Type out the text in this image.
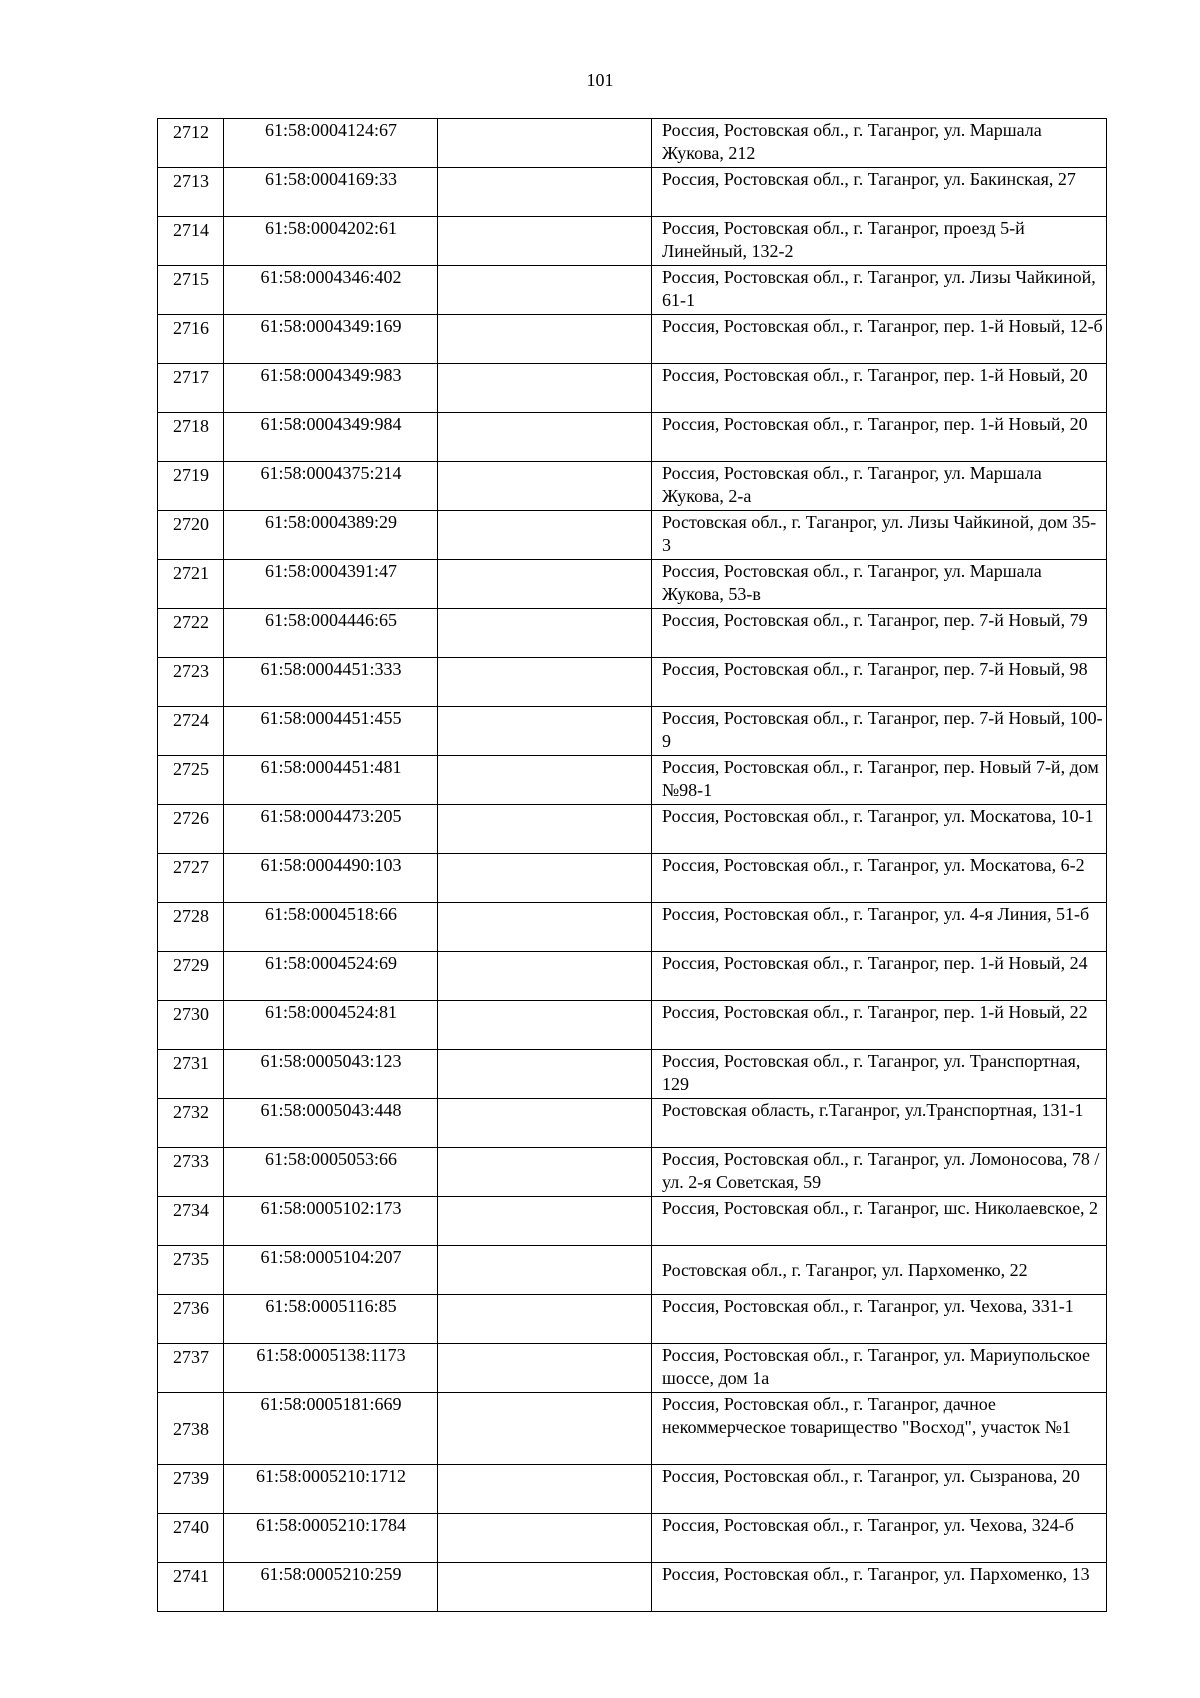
101
2712	61:58:0004124:67		Россия, Ростовская обл., г. Таганрог, ул. Маршала Жукова, 212
2713	61:58:0004169:33		Россия, Ростовская обл., г. Таганрог, ул. Бакинская, 27
2714	61:58:0004202:61		Россия, Ростовская обл., г. Таганрог, проезд 5-й Линейный, 132-2
2715	61:58:0004346:402		Россия, Ростовская обл., г. Таганрог, ул. Лизы Чайкиной, 61-1
2716	61:58:0004349:169		Россия, Ростовская обл., г. Таганрог, пер. 1-й Новый, 12-б
2717	61:58:0004349:983		Россия, Ростовская обл., г. Таганрог, пер. 1-й Новый, 20
2718	61:58:0004349:984		Россия, Ростовская обл., г. Таганрог, пер. 1-й Новый, 20
2719	61:58:0004375:214		Россия, Ростовская обл., г. Таганрог, ул. Маршала Жукова, 2-а
2720	61:58:0004389:29		Ростовская обл., г. Таганрог, ул. Лизы Чайкиной, дом 35-3
2721	61:58:0004391:47		Россия, Ростовская обл., г. Таганрог, ул. Маршала Жукова, 53-в
2722	61:58:0004446:65		Россия, Ростовская обл., г. Таганрог, пер. 7-й Новый, 79
2723	61:58:0004451:333		Россия, Ростовская обл., г. Таганрог, пер. 7-й Новый, 98
2724	61:58:0004451:455		Россия, Ростовская обл., г. Таганрог, пер. 7-й Новый, 100-9
2725	61:58:0004451:481		Россия, Ростовская обл., г. Таганрог, пер. Новый 7-й, дом №98-1
2726	61:58:0004473:205		Россия, Ростовская обл., г. Таганрог, ул. Москатова, 10-1
2727	61:58:0004490:103		Россия, Ростовская обл., г. Таганрог, ул. Москатова, 6-2
2728	61:58:0004518:66		Россия, Ростовская обл., г. Таганрог, ул. 4-я Линия, 51-б
2729	61:58:0004524:69		Россия, Ростовская обл., г. Таганрог, пер. 1-й Новый, 24
2730	61:58:0004524:81		Россия, Ростовская обл., г. Таганрог, пер. 1-й Новый, 22
2731	61:58:0005043:123		Россия, Ростовская обл., г. Таганрог, ул. Транспортная, 129
2732	61:58:0005043:448		Ростовская область, г.Таганрог, ул.Транспортная, 131-1
2733	61:58:0005053:66		Россия, Ростовская обл., г. Таганрог, ул. Ломоносова, 78 / ул. 2-я Советская, 59
2734	61:58:0005102:173		Россия, Ростовская обл., г. Таганрог, шс. Николаевское, 2
2735	61:58:0005104:207		Ростовская обл., г. Таганрог, ул. Пархоменко, 22
2736	61:58:0005116:85		Россия, Ростовская обл., г. Таганрог, ул. Чехова, 331-1
2737	61:58:0005138:1173		Россия, Ростовская обл., г. Таганрог, ул. Мариупольское шоссе, дом 1а
2738	61:58:0005181:669		Россия, Ростовская обл., г. Таганрог, дачное некоммерческое товарищество "Восход", участок №1
2739	61:58:0005210:1712		Россия, Ростовская обл., г. Таганрог, ул. Сызранова, 20
2740	61:58:0005210:1784		Россия, Ростовская обл., г. Таганрог, ул. Чехова, 324-б
2741	61:58:0005210:259		Россия, Ростовская обл., г. Таганрог, ул. Пархоменко, 13
